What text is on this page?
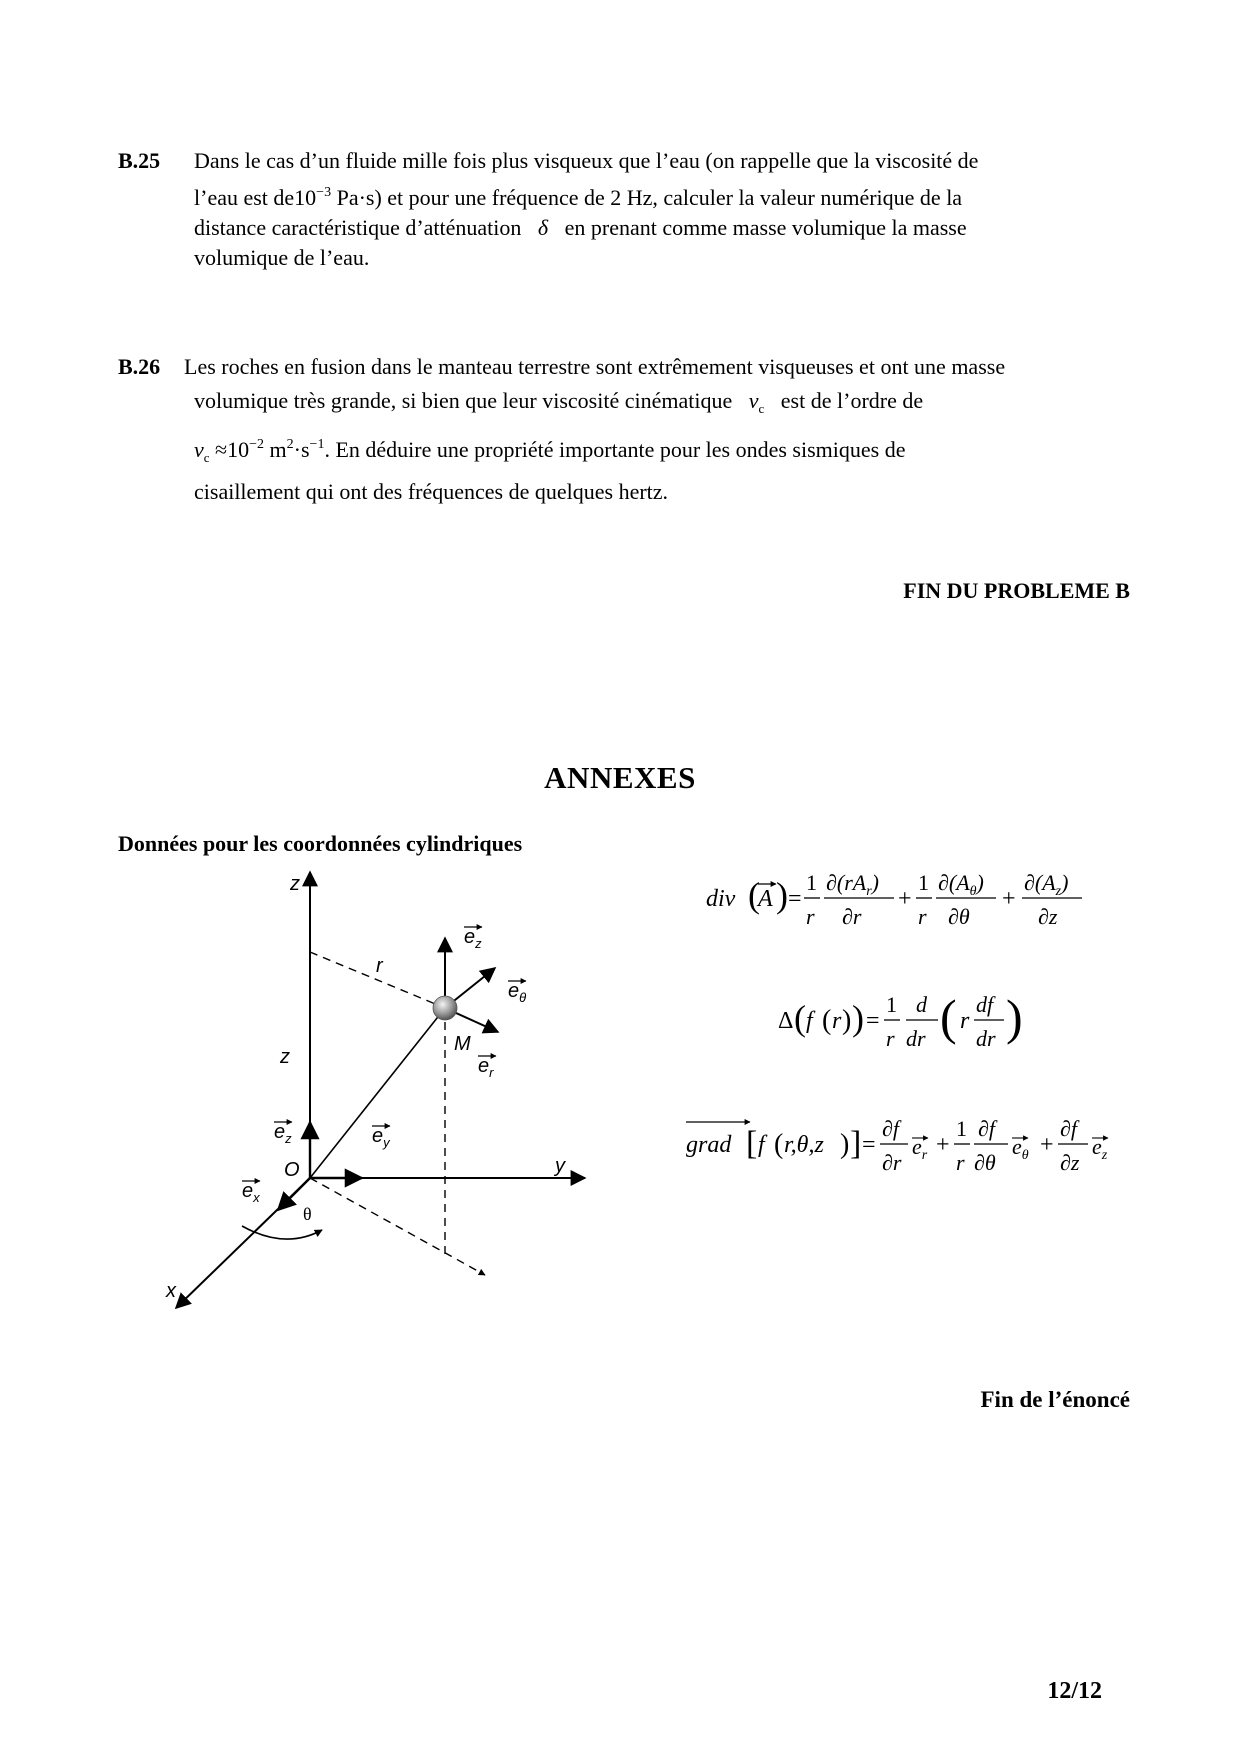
B.25 Dans le cas d’un fluide mille fois plus visqueux que l’eau (on rappelle que la viscosité de
l’eau est $de10^{-3}$ Pa·s) et pour une fréquence de 2 Hz, calculer la valeur numérique de la
distance caractéristique d’atténuation δ en prenant comme masse volumique la masse
volumique de l’eau.
B.26 Les roches en fusion dans le manteau terrestre sont extrêmement visqueuses et ont une masse
volumique très grande, si bien que leur viscosité cinématique $\nu_c$ est de l’ordre de
$\nu_c \approx 10^{-2}$ $m^2\cdot s^{-1}$. En déduire une propriété importante pour les ondes sismiques de
cisaillement qui ont des fréquences de quelques hertz.
FIN DU PROBLEME B
ANNEXES
Données pour les coordonnées cylindriques
z
y
x
r
z
M
O
θ
$e_z$
$e_\theta$
$e_r$
$e_z$	$e_y$
$e_x$
div (
A ) =
1
r
$\partial(rA_r)$
∂r
+
1
r
$\partial(A_\theta)$
∂θ
+
$\partial(A_z)$
∂z
Δ ( f ( r ) ) =
1
r
d
dr ( r
df
dr )
grad [ f ( r,θ,z ) ] =
∂f
∂r
$e_r$ +
1
r
∂f
∂θ
$e_\theta$ +
∂f
∂z
$e_z$
Fin de l’énoncé
12/12
